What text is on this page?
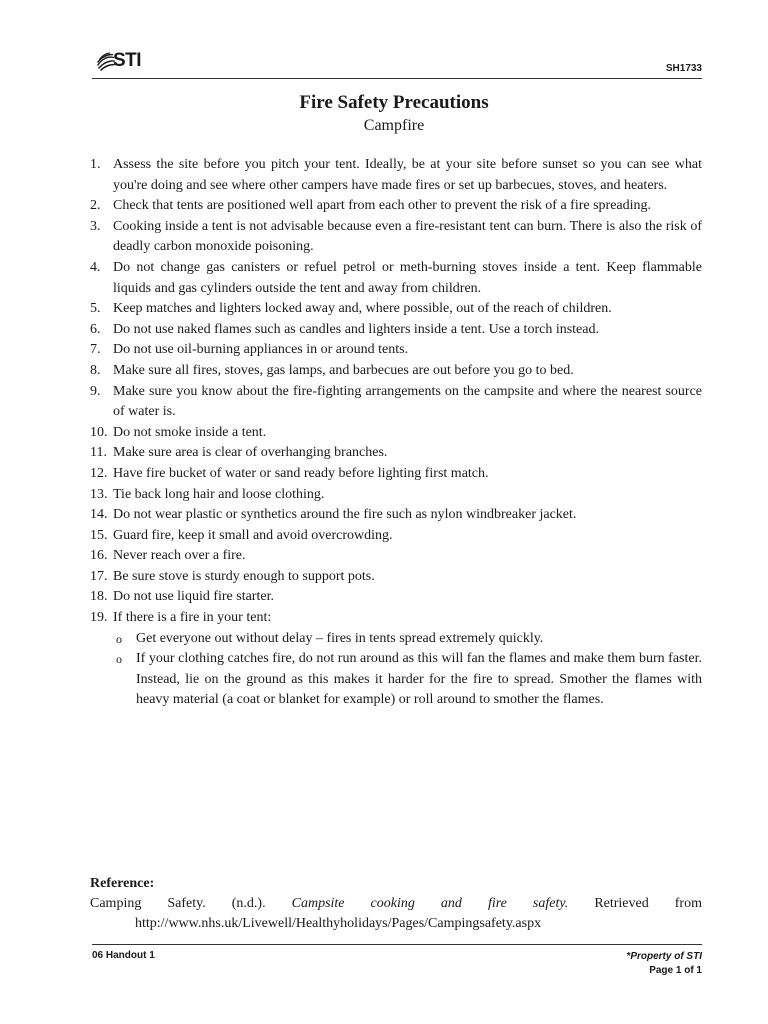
STI	SH1733
Fire Safety Precautions
Campfire
1. Assess the site before you pitch your tent. Ideally, be at your site before sunset so you can see what you're doing and see where other campers have made fires or set up barbecues, stoves, and heaters.
2. Check that tents are positioned well apart from each other to prevent the risk of a fire spreading.
3. Cooking inside a tent is not advisable because even a fire-resistant tent can burn. There is also the risk of deadly carbon monoxide poisoning.
4. Do not change gas canisters or refuel petrol or meth-burning stoves inside a tent. Keep flammable liquids and gas cylinders outside the tent and away from children.
5. Keep matches and lighters locked away and, where possible, out of the reach of children.
6. Do not use naked flames such as candles and lighters inside a tent. Use a torch instead.
7. Do not use oil-burning appliances in or around tents.
8. Make sure all fires, stoves, gas lamps, and barbecues are out before you go to bed.
9. Make sure you know about the fire-fighting arrangements on the campsite and where the nearest source of water is.
10. Do not smoke inside a tent.
11. Make sure area is clear of overhanging branches.
12. Have fire bucket of water or sand ready before lighting first match.
13. Tie back long hair and loose clothing.
14. Do not wear plastic or synthetics around the fire such as nylon windbreaker jacket.
15. Guard fire, keep it small and avoid overcrowding.
16. Never reach over a fire.
17. Be sure stove is sturdy enough to support pots.
18. Do not use liquid fire starter.
19. If there is a fire in your tent:
o Get everyone out without delay – fires in tents spread extremely quickly.
o If your clothing catches fire, do not run around as this will fan the flames and make them burn faster. Instead, lie on the ground as this makes it harder for the fire to spread. Smother the flames with heavy material (a coat or blanket for example) or roll around to smother the flames.
Reference:
Camping Safety. (n.d.). Campsite cooking and fire safety. Retrieved from
http://www.nhs.uk/Livewell/Healthyholidays/Pages/Campingsafety.aspx
06 Handout 1	*Property of STI
Page 1 of 1
